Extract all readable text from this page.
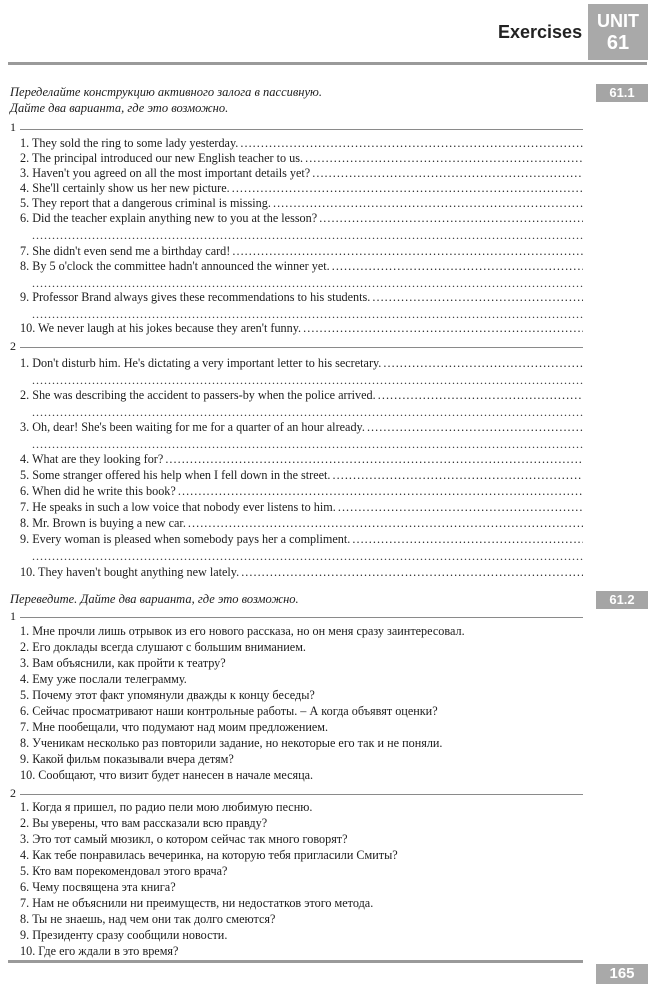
Exercises
UNIT
61
Переделайте конструкцию активного залога в пассивную.
Дайте два варианта, где это возможно.
61.1
1
1. They sold the ring to some lady yesterday. . . .
2. The principal introduced our new English teacher to us. . . .
3. Haven't you agreed on all the most important details yet? . . .
4. She'll certainly show us her new picture. . . .
5. They report that a dangerous criminal is missing. . . .
6. Did the teacher explain anything new to you at the lesson? . . .
. . . . . . . . . . . . . . . . . . . . . . . . . . . . . . . . . . . . . . . . . . . . . . . . . . . . . . . . . . . . . . . . . . . . . . . . . . . . . . . . . . . . . . . . . . . . . . . . . . . . . . . . . . . . . . . . . . . . . . . . . . . . . . . . . . . . . . . . . .
7. She didn't even send me a birthday card! . . .
8. By 5 o'clock the committee hadn't announced the winner yet. . . .
. . . . . . . . . . . . . . . . . . . . . . . . . . . . . . . . . . . . . . . . . . . . . . . . . . . . . . . . . . . . . . . . . . . . . . . . . . . . . . . . . . . . . . . . . . . . . . . . . . . . . . . . . . . . . . . . . . . . . . . . . . . . . . . . . . . . . . . . . .
9. Professor Brand always gives these recommendations to his students. . . .
. . . . . . . . . . . . . . . . . . . . . . . . . . . . . . . . . . . . . . . . . . . . . . . . . . . . . . . . . . . . . . . . . . . . . . . . . . . . . . . . . . . . . . . . . . . . . . . . . . . . . . . . . . . . . . . . . . . . . . . . . . . . . . . . . . . . . . . . . .
10. We never laugh at his jokes because they aren't funny. . . .
2
1. Don't disturb him. He's dictating a very important letter to his secretary. . . .
. . . . . . . . . . . . . . . . . . . . . . . . . . . . . . . . . . . . . . . . . . . . . . . . . . . . . . . . . . . . . . . . . . . . . . . . . . . . . . . . . . . . . . . . . . . . . . . . . . . . . . . . . . . . . . . . . . . . . . . . . . . . . . . . . . . . . . . . . .
2. She was describing the accident to passers-by when the police arrived. . . .
. . . . . . . . . . . . . . . . . . . . . . . . . . . . . . . . . . . . . . . . . . . . . . . . . . . . . . . . . . . . . . . . . . . . . . . . . . . . . . . . . . . . . . . . . . . . . . . . . . . . . . . . . . . . . . . . . . . . . . . . . . . . . . . . . . . . . . . . . .
3. Oh, dear! She's been waiting for me for a quarter of an hour already. . . .
. . . . . . . . . . . . . . . . . . . . . . . . . . . . . . . . . . . . . . . . . . . . . . . . . . . . . . . . . . . . . . . . . . . . . . . . . . . . . . . . . . . . . . . . . . . . . . . . . . . . . . . . . . . . . . . . . . . . . . . . . . . . . . . . . . . . . . . . . .
4. What are they looking for? . . .
5. Some stranger offered his help when I fell down in the street. . . .
6. When did he write this book? . . .
7. He speaks in such a low voice that nobody ever listens to him. . . .
8. Mr. Brown is buying a new car. . . .
9. Every woman is pleased when somebody pays her a compliment. . . .
. . . . . . . . . . . . . . . . . . . . . . . . . . . . . . . . . . . . . . . . . . . . . . . . . . . . . . . . . . . . . . . . . . . . . . . . . . . . . . . . . . . . . . . . . . . . . . . . . . . . . . . . . . . . . . . . . . . . . . . . . . . . . . . . . . . . . . . . . .
10. They haven't bought anything new lately. . . .
Переведите. Дайте два варианта, где это возможно.	61.2
1
1. Мне прочли лишь отрывок из его нового рассказа, но он меня сразу заинтересовал.
2. Его доклады всегда слушают с большим вниманием.
3. Вам объяснили, как пройти к театру?
4. Ему уже послали телеграмму.
5. Почему этот факт упомянули дважды к концу беседы?
6. Сейчас просматривают наши контрольные работы. – А когда объявят оценки?
7. Мне пообещали, что подумают над моим предложением.
8. Ученикам несколько раз повторили задание, но некоторые его так и не поняли.
9. Какой фильм показывали вчера детям?
10. Сообщают, что визит будет нанесен в начале месяца.
2
1. Когда я пришел, по радио пели мою любимую песню.
2. Вы уверены, что вам рассказали всю правду?
3. Это тот самый мюзикл, о котором сейчас так много говорят?
4. Как тебе понравилась вечеринка, на которую тебя пригласили Смиты?
5. Кто вам порекомендовал этого врача?
6. Чему посвящена эта книга?
7. Нам не объяснили ни преимуществ, ни недостатков этого метода.
8. Ты не знаешь, над чем они так долго смеются?
9. Президенту сразу сообщили новости.
10. Где его ждали в это время?
165
